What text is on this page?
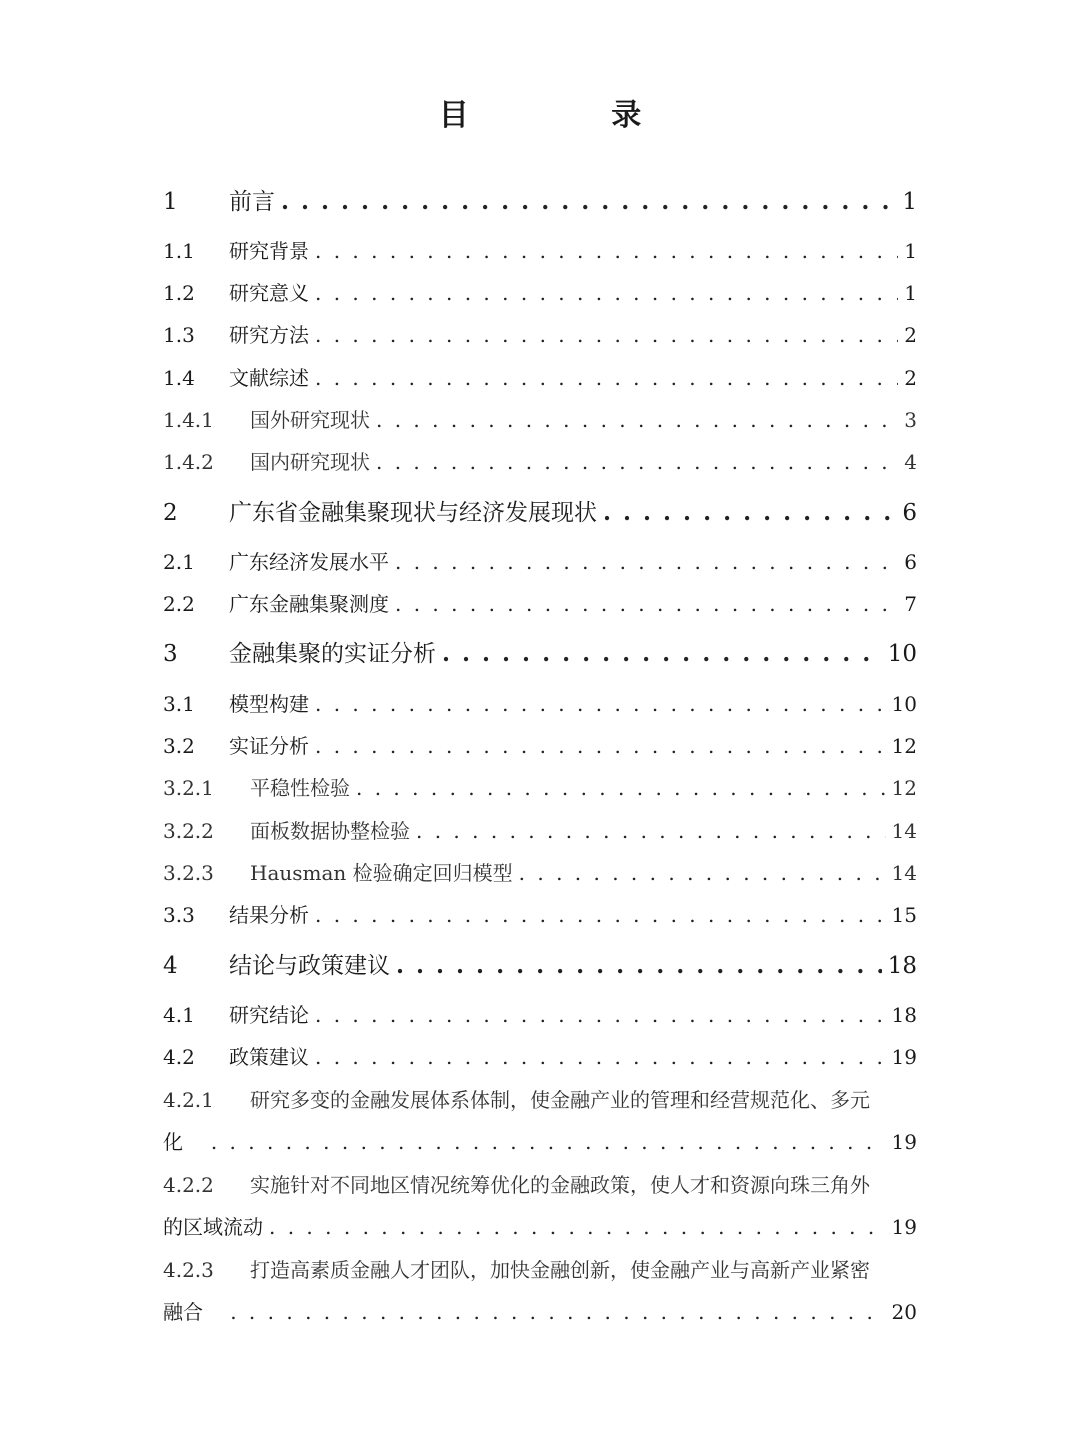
目 录
1	前言 . . .	1
1.1	研究背景 . . .	1
1.2	研究意义 . . .	1
1.3	研究方法 . . .	2
1.4	文献综述 . . .	2
1.4.1	国外研究现状 . . .	3
1.4.2	国内研究现状 . . .	4
2	广东省金融集聚现状与经济发展现状 . . .	6
2.1	广东经济发展水平 . . .	6
2.2	广东金融集聚测度 . . .	7
3	金融集聚的实证分析 . . .	10
3.1	模型构建 . . .	10
3.2	实证分析 . . .	12
3.2.1	平稳性检验 . . .	12
3.2.2	面板数据协整检验 . . .	14
3.2.3	Hausman 检验确定回归模型 . . .	14
3.3	结果分析 . . .	15
4	结论与政策建议 . . .	18
4.1	研究结论 . . .	18
4.2	政策建议 . . .	19
4.2.1	研究多变的金融发展体系体制，使金融产业的管理和经营规范化、多元
化 . . .	19
4.2.2	实施针对不同地区情况统筹优化的金融政策，使人才和资源向珠三角外
的区域流动 . . .	19
4.2.3	打造高素质金融人才团队，加快金融创新，使金融产业与高新产业紧密
融合 . . .	20
